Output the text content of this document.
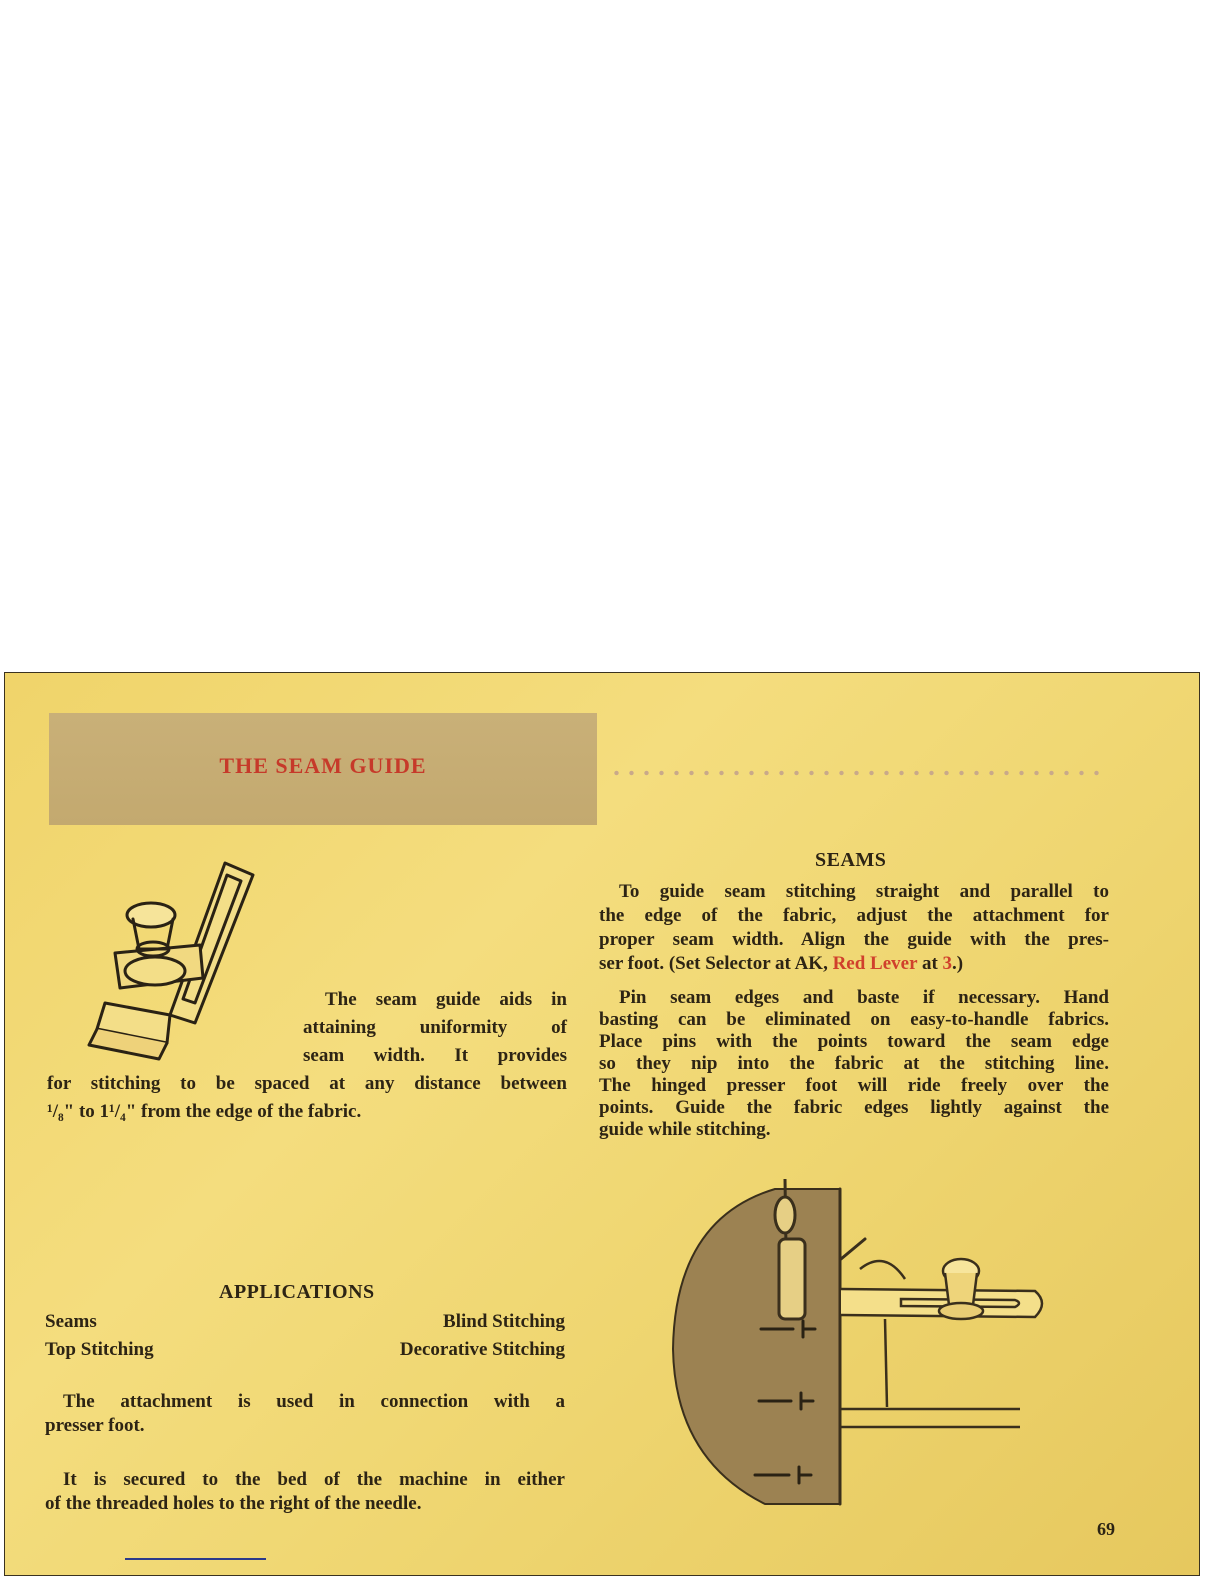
THE SEAM GUIDE
The seam guide aids in
attaining uniformity of
seam width. It provides
for stitching to be spaced at any distance between
¹/₈" to 1¹/₄" from the edge of the fabric.
APPLICATIONS
Seams	Blind Stitching
Top Stitching	Decorative Stitching
The attachment is used in connection with a
presser foot.
It is secured to the bed of the machine in either
of the threaded holes to the right of the needle.
SEAMS
To guide seam stitching straight and parallel to
the edge of the fabric, adjust the attachment for
proper seam width. Align the guide with the pres-
ser foot. (Set Selector at AK, Red Lever at 3.)
Pin seam edges and baste if necessary. Hand
basting can be eliminated on easy-to-handle fabrics.
Place pins with the points toward the seam edge
so they nip into the fabric at the stitching line.
The hinged presser foot will ride freely over the
points. Guide the fabric edges lightly against the
guide while stitching.
69
